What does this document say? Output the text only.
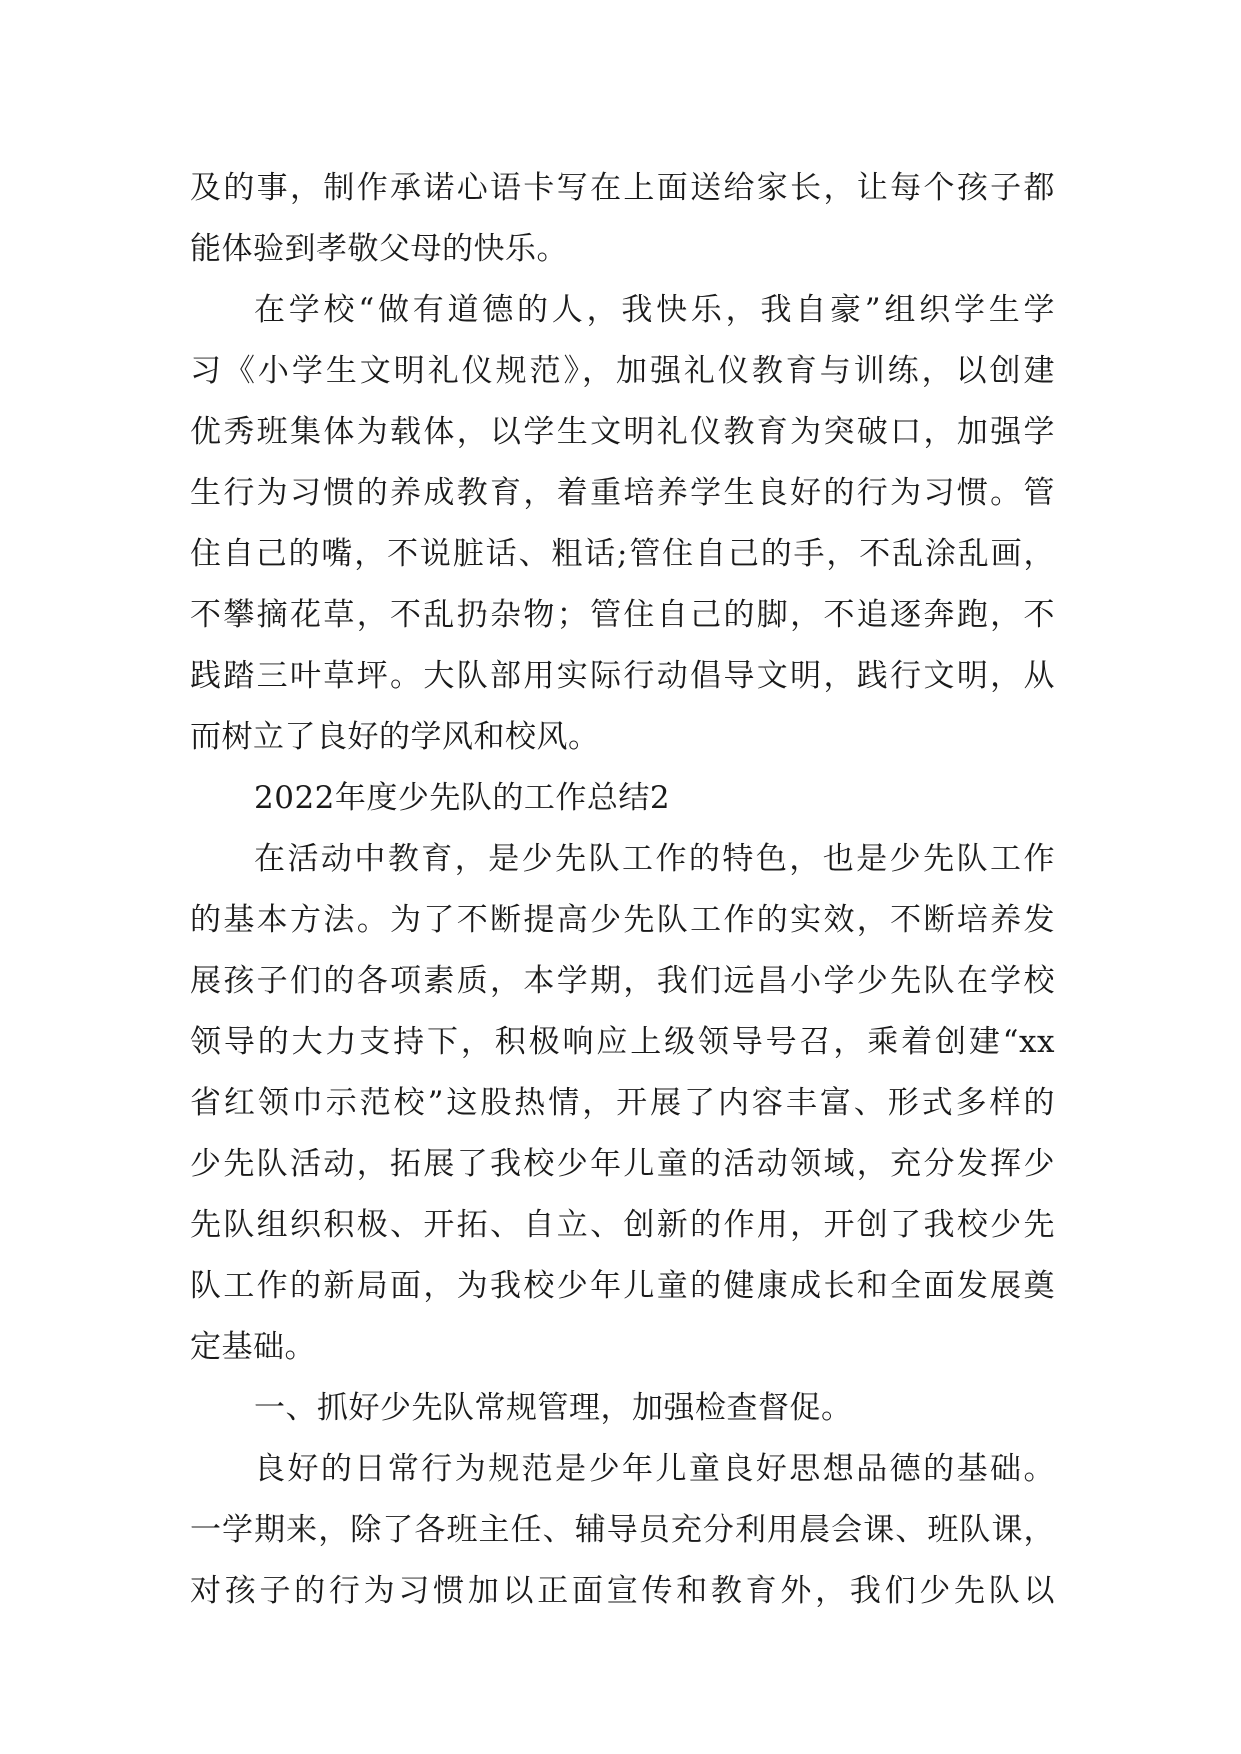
及的事，制作承诺心语卡写在上面送给家长，让每个孩子都
能体验到孝敬父母的快乐。
在学校“做有道德的人，我快乐，我自豪”组织学生学
习《小学生文明礼仪规范》，加强礼仪教育与训练，以创建
优秀班集体为载体，以学生文明礼仪教育为突破口，加强学
生行为习惯的养成教育，着重培养学生良好的行为习惯。管
住自己的嘴，不说脏话、粗话;管住自己的手，不乱涂乱画，
不攀摘花草，不乱扔杂物；管住自己的脚，不追逐奔跑，不
践踏三叶草坪。大队部用实际行动倡导文明，践行文明，从
而树立了良好的学风和校风。
2022年度少先队的工作总结2
在活动中教育，是少先队工作的特色，也是少先队工作
的基本方法。为了不断提高少先队工作的实效，不断培养发
展孩子们的各项素质，本学期，我们远昌小学少先队在学校
领导的大力支持下，积极响应上级领导号召，乘着创建“xx
省红领巾示范校”这股热情，开展了内容丰富、形式多样的
少先队活动，拓展了我校少年儿童的活动领域，充分发挥少
先队组织积极、开拓、自立、创新的作用，开创了我校少先
队工作的新局面，为我校少年儿童的健康成长和全面发展奠
定基础。
一、抓好少先队常规管理，加强检查督促。
良好的日常行为规范是少年儿童良好思想品德的基础。
一学期来，除了各班主任、辅导员充分利用晨会课、班队课，
对孩子的行为习惯加以正面宣传和教育外，我们少先队以
